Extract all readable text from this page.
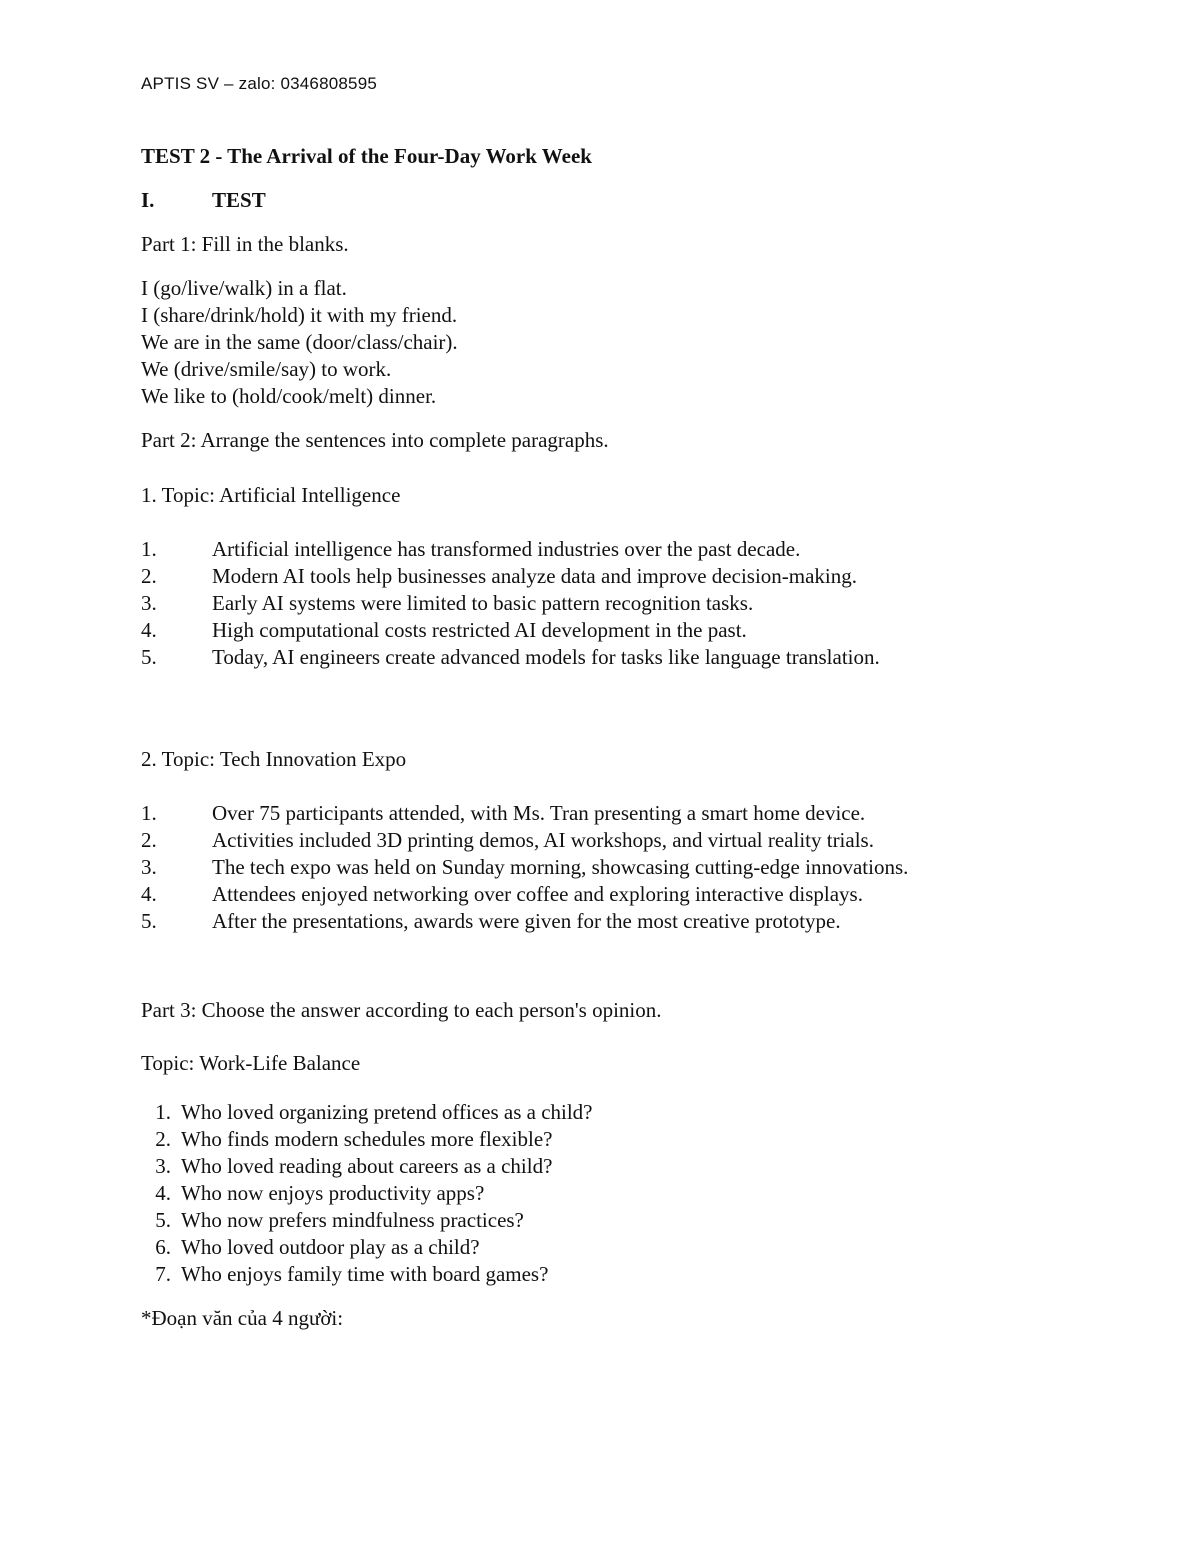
APTIS SV – zalo: 0346808595

TEST 2 - The Arrival of the Four-Day Work Week

I.	TEST

Part 1: Fill in the blanks.

I (go/live/walk) in a flat.

I (share/drink/hold) it with my friend.

We are in the same (door/class/chair).

We (drive/smile/say) to work.

We like to (hold/cook/melt) dinner.

Part 2: Arrange the sentences into complete paragraphs.

1. Topic: Artificial Intelligence

1.	Artificial intelligence has transformed industries over the past decade.
2.	Modern AI tools help businesses analyze data and improve decision-making.
3.	Early AI systems were limited to basic pattern recognition tasks.
4.	High computational costs restricted AI development in the past.
5.	Today, AI engineers create advanced models for tasks like language translation.

2. Topic: Tech Innovation Expo

1.	Over 75 participants attended, with Ms. Tran presenting a smart home device.
2.	Activities included 3D printing demos, AI workshops, and virtual reality trials.
3.	The tech expo was held on Sunday morning, showcasing cutting-edge innovations.
4.	Attendees enjoyed networking over coffee and exploring interactive displays.
5.	After the presentations, awards were given for the most creative prototype.

Part 3: Choose the answer according to each person's opinion.

Topic: Work-Life Balance

1. Who loved organizing pretend offices as a child?
2. Who finds modern schedules more flexible?
3. Who loved reading about careers as a child?
4. Who now enjoys productivity apps?
5. Who now prefers mindfulness practices?
6. Who loved outdoor play as a child?
7. Who enjoys family time with board games?

*Đoạn văn của 4 người:
